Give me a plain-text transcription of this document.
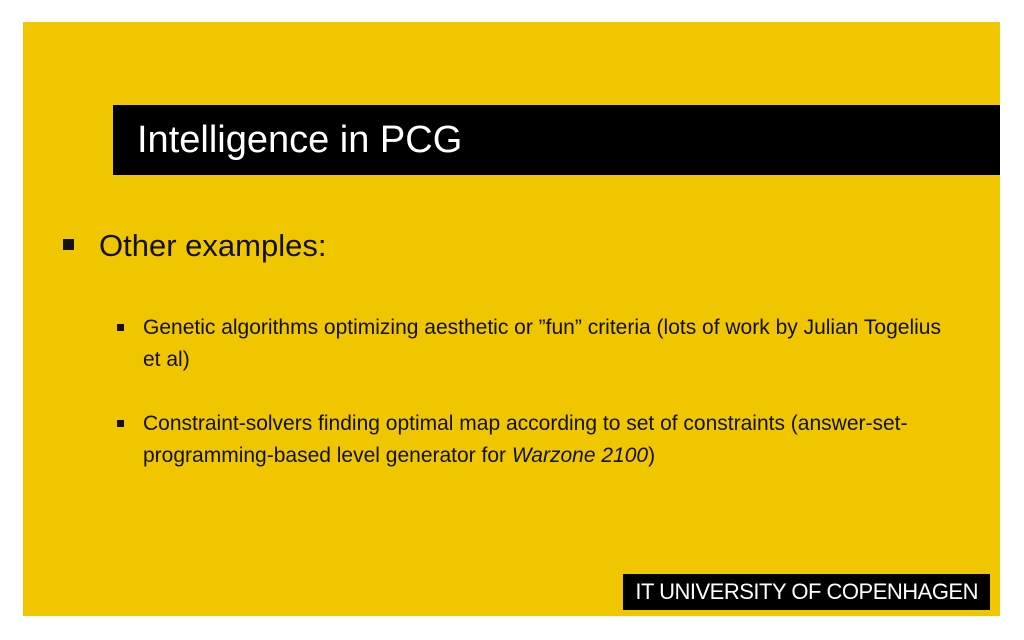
Intelligence in PCG
Other examples:
Genetic algorithms optimizing aesthetic or ”fun” criteria (lots of work by Julian Togelius et al)
Constraint-solvers finding optimal map according to set of constraints (answer-set-programming-based level generator for Warzone 2100)
IT UNIVERSITY OF COPENHAGEN
